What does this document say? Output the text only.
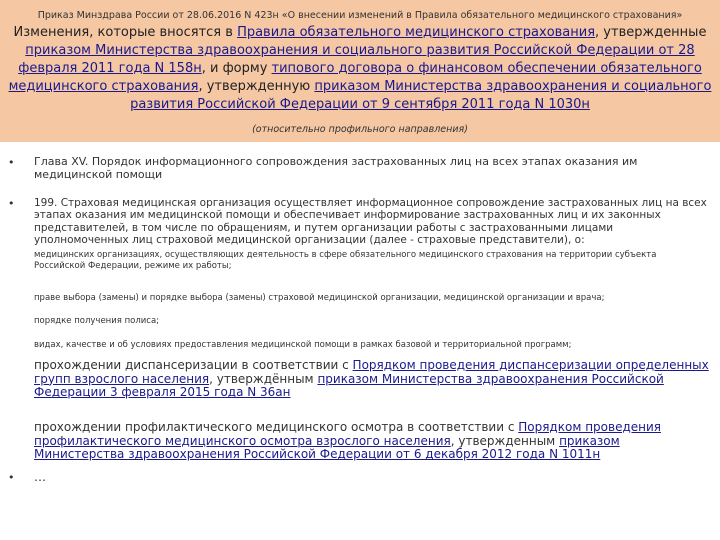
Приказ Минздрава России от 28.06.2016 N 423н «О внесении изменений в Правила обязательного медицинского страхования»
Изменения, которые вносятся в Правила обязательного медицинского страхования, утвержденные приказом Министерства здравоохранения и социального развития Российской Федерации от 28 февраля 2011 года N 158н, и форму типового договора о финансовом обеспечении обязательного медицинского страхования, утвержденную приказом Министерства здравоохранения и социального развития Российской Федерации от 9 сентября 2011 года N 1030н
(относительно профильного направления)
• Глава XV. Порядок информационного сопровождения застрахованных лиц на всех этапах оказания им медицинской помощи
• 199. Страховая медицинская организация осуществляет информационное сопровождение застрахованных лиц на всех этапах оказания им медицинской помощи и обеспечивает информирование застрахованных лиц и их законных представителей, в том числе по обращениям, и путем организации работы с застрахованными лицами уполномоченных лиц страховой медицинской организации (далее - страховые представители), о:
медицинских организациях, осуществляющих деятельность в сфере обязательного медицинского страхования на территории субъекта Российской Федерации, режиме их работы;
праве выбора (замены) и порядке выбора (замены) страховой медицинской организации, медицинской организации и врача;
порядке получения полиса;
видах, качестве и об условиях предоставления медицинской помощи в рамках базовой и территориальной программ;
прохождении диспансеризации в соответствии с Порядком проведения диспансеризации определенных групп взрослого населения, утверждённым приказом Министерства здравоохранения Российской Федерации 3 февраля 2015 года N 36ан
прохождении профилактического медицинского осмотра в соответствии с Порядком проведения профилактического медицинского осмотра взрослого населения, утвержденным приказом Министерства здравоохранения Российской Федерации от 6 декабря 2012 года N 1011н
• …
